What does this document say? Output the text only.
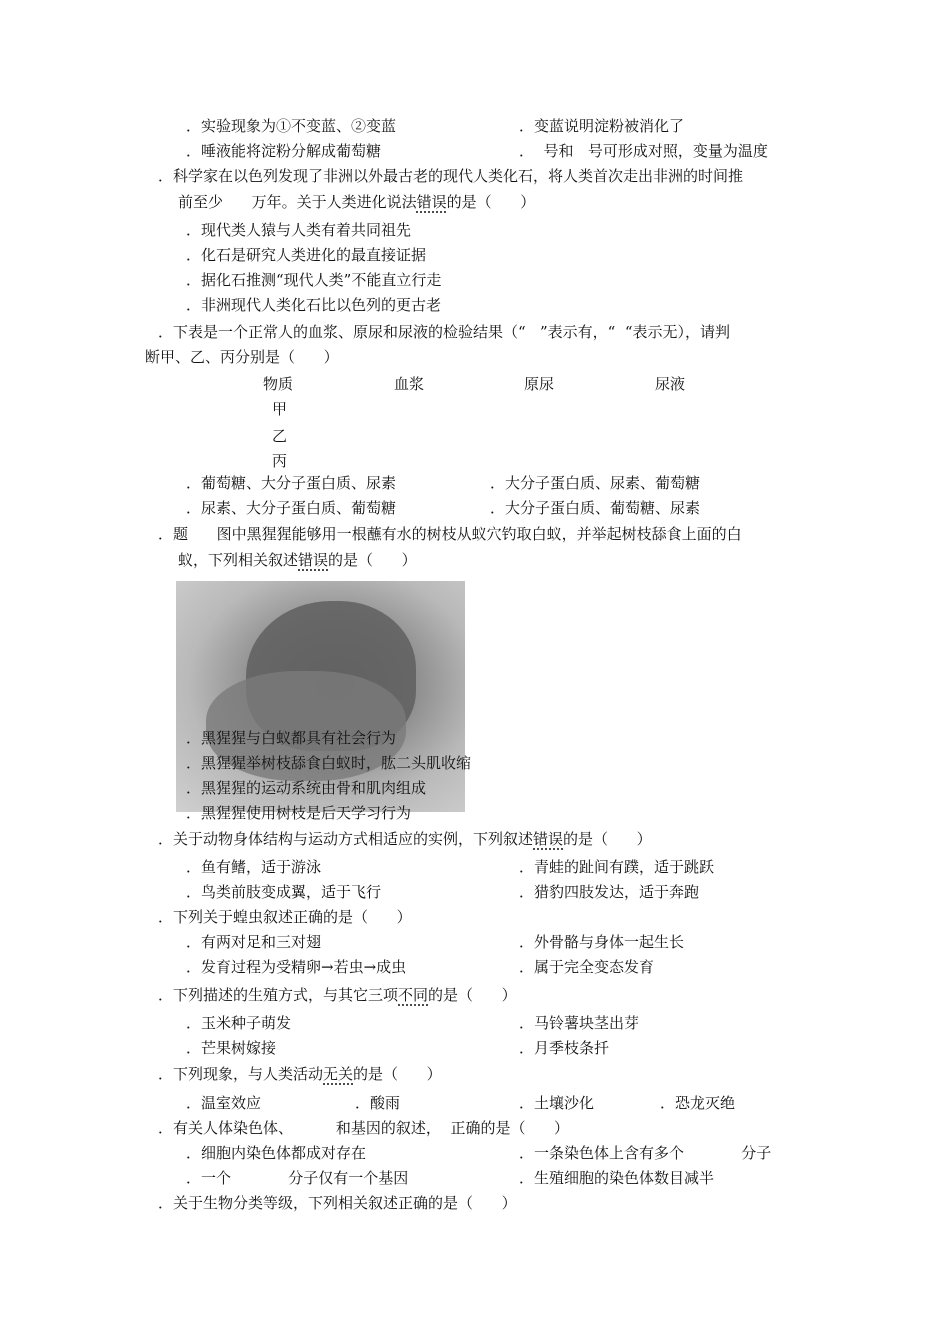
．实验现象为①不变蓝、②变蓝	．变蓝说明淀粉被消化了
．唾液能将淀粉分解成葡萄糖	．  号和   号可形成对照，变量为温度
．科学家在以色列发现了非洲以外最古老的现代人类化石，将人类首次走出非洲的时间推
前至少      万年。关于人类进化说法错误的是（      ）
．现代类人猿与人类有着共同祖先
．化石是研究人类进化的最直接证据
．据化石推测“现代人类”不能直立行走
．非洲现代人类化石比以色列的更古老
．下表是一个正常人的血浆、原尿和尿液的检验结果（“   ”表示有，“  “表示无），请判
断甲、乙、丙分别是（      ）
物质	血浆	原尿	尿液
甲
乙
丙
．葡萄糖、大分子蛋白质、尿素	．大分子蛋白质、尿素、葡萄糖
．尿素、大分子蛋白质、葡萄糖	．大分子蛋白质、葡萄糖、尿素
．题      图中黑猩猩能够用一根蘸有水的树枝从蚁穴钓取白蚁，并举起树枝舔食上面的白
蚁，下列相关叙述错误的是（      ）
．黑猩猩与白蚁都具有社会行为
．黑猩猩举树枝舔食白蚁时，肱二头肌收缩
．黑猩猩的运动系统由骨和肌肉组成
．黑猩猩使用树枝是后天学习行为
．关于动物身体结构与运动方式相适应的实例，下列叙述错误的是（      ）
．鱼有鳍，适于游泳	．青蛙的趾间有蹼，适于跳跃
．鸟类前肢变成翼，适于飞行	．猎豹四肢发达，适于奔跑
．下列关于蝗虫叙述正确的是（      ）
．有两对足和三对翅	．外骨骼与身体一起生长
．发育过程为受精卵→若虫→成虫	．属于完全变态发育
．下列描述的生殖方式，与其它三项不同的是（      ）
．玉米种子萌发	．马铃薯块茎出芽
．芒果树嫁接	．月季枝条扦
．下列现象，与人类活动无关的是（      ）
．温室效应	．酸雨	．土壤沙化	．恐龙灭绝
．有关人体染色体、         和基因的叙述，  正确的是（      ）
．细胞内染色体都成对存在	．一条染色体上含有多个            分子
．一个            分子仅有一个基因	．生殖细胞的染色体数目减半
．关于生物分类等级，下列相关叙述正确的是（      ）
